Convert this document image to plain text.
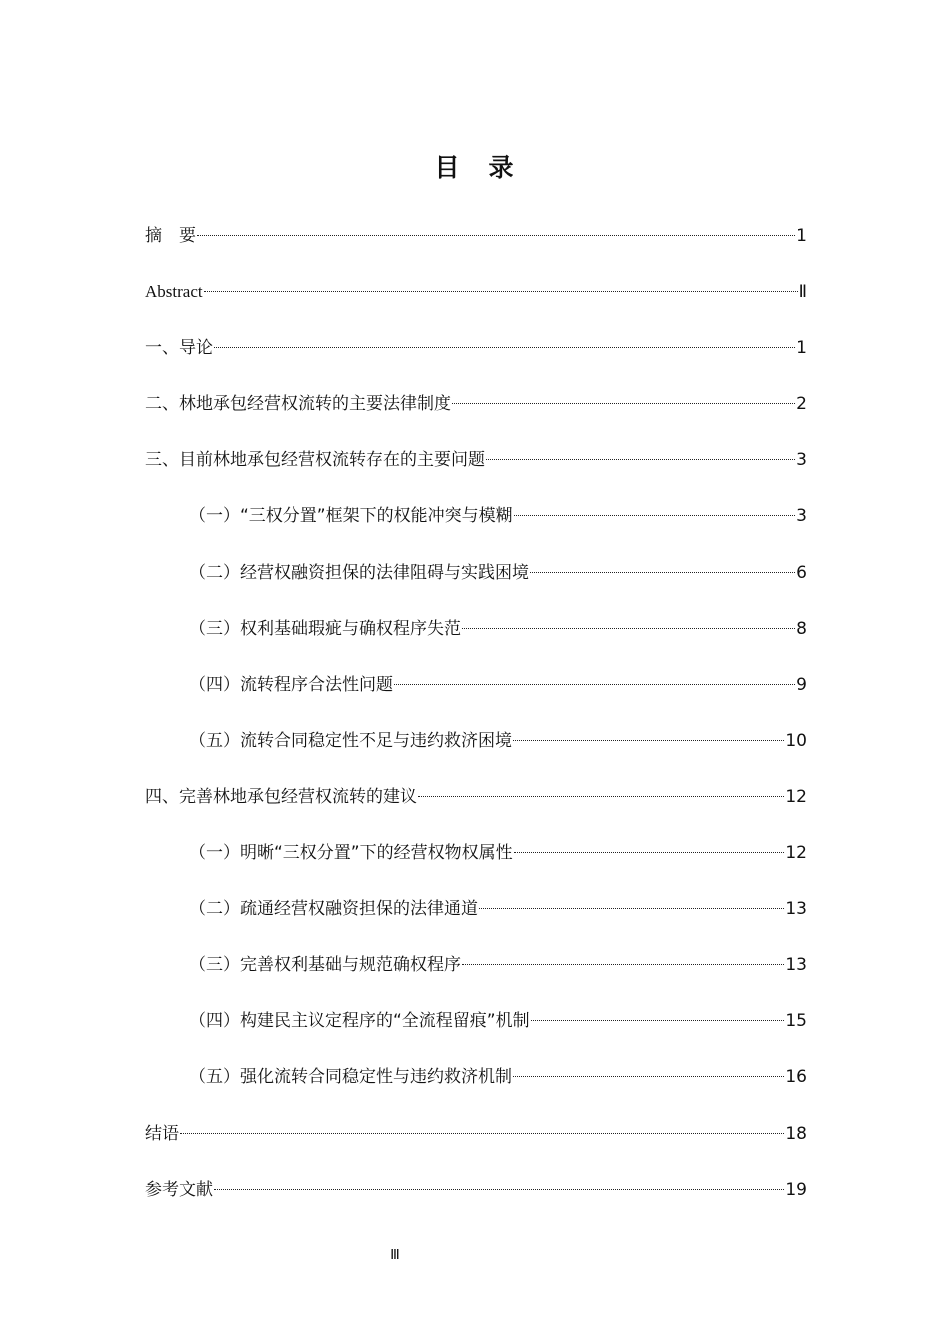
目　录
摘　要	1
Abstract	Ⅱ
一、导论	1
二、林地承包经营权流转的主要法律制度	2
三、目前林地承包经营权流转存在的主要问题	3
（一）“三权分置”框架下的权能冲突与模糊	3
（二）经营权融资担保的法律阻碍与实践困境	6
（三）权利基础瑕疵与确权程序失范	8
（四）流转程序合法性问题	9
（五）流转合同稳定性不足与违约救济困境	10
四、完善林地承包经营权流转的建议	12
（一）明晰“三权分置”下的经营权物权属性	12
（二）疏通经营权融资担保的法律通道	13
（三）完善权利基础与规范确权程序	13
（四）构建民主议定程序的“全流程留痕”机制	15
（五）强化流转合同稳定性与违约救济机制	16
结语	18
参考文献	19
Ⅲ
